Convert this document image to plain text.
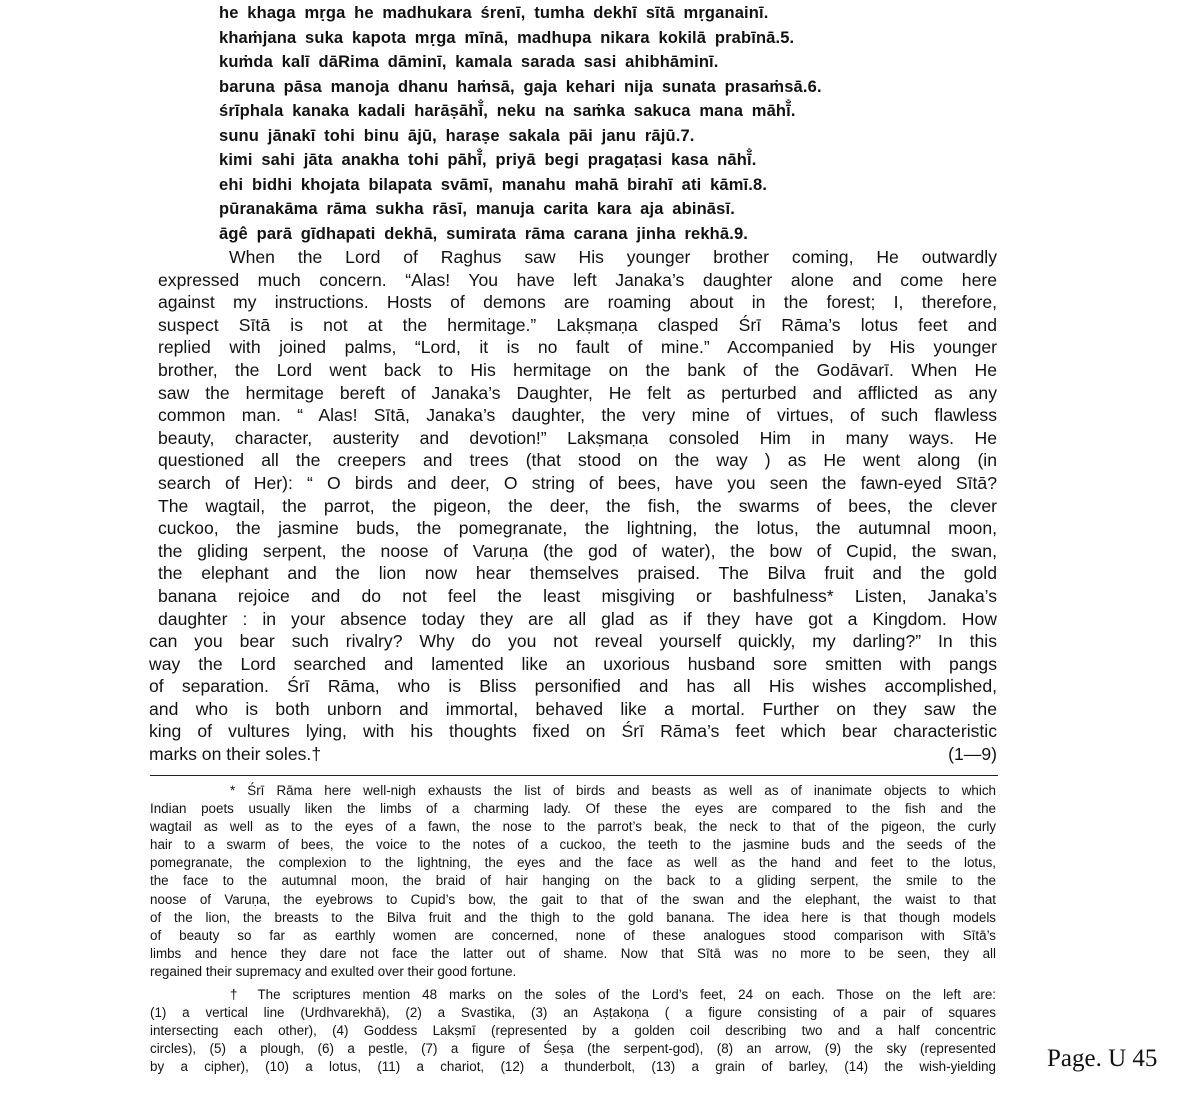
he khaga mṛga he madhukara śrenī, tumha dekhī sītā mṛganainī.
khaṁjana suka kapota mṛga mīnā, madhupa nikara kokilā prabīnā.5.
kuṁda kalī dāRima dāminī, kamala sarada sasi ahibhāminī.
baruna pāsa manoja dhanu haṁsā, gaja kehari nija sunata prasaṁsā.6.
śrīphala kanaka kadali harāṣāhī̐, neku na saṁka sakuca mana māhī̐.
sunu jānakī tohi binu ājū, haraṣe sakala pāi janu rājū.7.
kimi sahi jāta anakha tohi pāhī̐, priyā begi pragaṭasi kasa nāhī̐.
ehi bidhi khojata bilapata svāmī, manahu mahā birahī ati kāmī.8.
pūranakāma rāma sukha rāsī, manuja carita kara aja abināsī.
āgê parā gīdhapati dekhā, sumirata rāma carana jinha rekhā.9.
When the Lord of Raghus saw His younger brother coming, He outwardly
expressed much concern. “Alas! You have left Janaka’s daughter alone and come here
against my instructions. Hosts of demons are roaming about in the forest; I, therefore,
suspect Sītā is not at the hermitage.” Lakṣmaṇa clasped Śrī Rāma’s lotus feet and
replied with joined palms, “Lord, it is no fault of mine.” Accompanied by His younger
brother, the Lord went back to His hermitage on the bank of the Godāvarī. When He
saw the hermitage bereft of Janaka’s Daughter, He felt as perturbed and afflicted as any
common man. “ Alas! Sītā, Janaka’s daughter, the very mine of virtues, of such flawless
beauty, character, austerity and devotion!” Lakṣmaṇa consoled Him in many ways. He
questioned all the creepers and trees (that stood on the way ) as He went along (in
search of Her): “ O birds and deer, O string of bees, have you seen the fawn-eyed Sītā?
The wagtail, the parrot, the pigeon, the deer, the fish, the swarms of bees, the clever
cuckoo, the jasmine buds, the pomegranate, the lightning, the lotus, the autumnal moon,
the gliding serpent, the noose of Varuṇa (the god of water), the bow of Cupid, the swan,
the elephant and the lion now hear themselves praised. The Bilva fruit and the gold
banana rejoice and do not feel the least misgiving or bashfulness* Listen, Janaka’s
daughter : in your absence today they are all glad as if they have got a Kingdom. How
can you bear such rivalry? Why do you not reveal yourself quickly, my darling?” In this
way the Lord searched and lamented like an uxorious husband sore smitten with pangs
of separation. Śrī Rāma, who is Bliss personified and has all His wishes accomplished,
and who is both unborn and immortal, behaved like a mortal. Further on they saw the
king of vultures lying, with his thoughts fixed on Śrī Rāma’s feet which bear characteristic
marks on their soles.†	(1—9)
* Śrī Rāma here well-nigh exhausts the list of birds and beasts as well as of inanimate objects to which
Indian poets usually liken the limbs of a charming lady. Of these the eyes are compared to the fish and the
wagtail as well as to the eyes of a fawn, the nose to the parrot’s beak, the neck to that of the pigeon, the curly
hair to a swarm of bees, the voice to the notes of a cuckoo, the teeth to the jasmine buds and the seeds of the
pomegranate, the complexion to the lightning, the eyes and the face as well as the hand and feet to the lotus,
the face to the autumnal moon, the braid of hair hanging on the back to a gliding serpent, the smile to the
noose of Varuṇa, the eyebrows to Cupid’s bow, the gait to that of the swan and the elephant, the waist to that
of the lion, the breasts to the Bilva fruit and the thigh to the gold banana. The idea here is that though models
of beauty so far as earthly women are concerned, none of these analogues stood comparison with Sītā’s
limbs and hence they dare not face the latter out of shame. Now that Sītā was no more to be seen, they all
regained their supremacy and exulted over their good fortune.
† The scriptures mention 48 marks on the soles of the Lord’s feet, 24 on each. Those on the left are:
(1) a vertical line (Urdhvarekhā), (2) a Svastika, (3) an Aṣṭakoṇa ( a figure consisting of a pair of squares
intersecting each other), (4) Goddess Lakṣmī (represented by a golden coil describing two and a half concentric
circles), (5) a plough, (6) a pestle, (7) a figure of Śeṣa (the serpent-god), (8) an arrow, (9) the sky (represented
by a cipher), (10) a lotus, (11) a chariot, (12) a thunderbolt, (13) a grain of barley, (14) the wish-yielding Page. U 45
